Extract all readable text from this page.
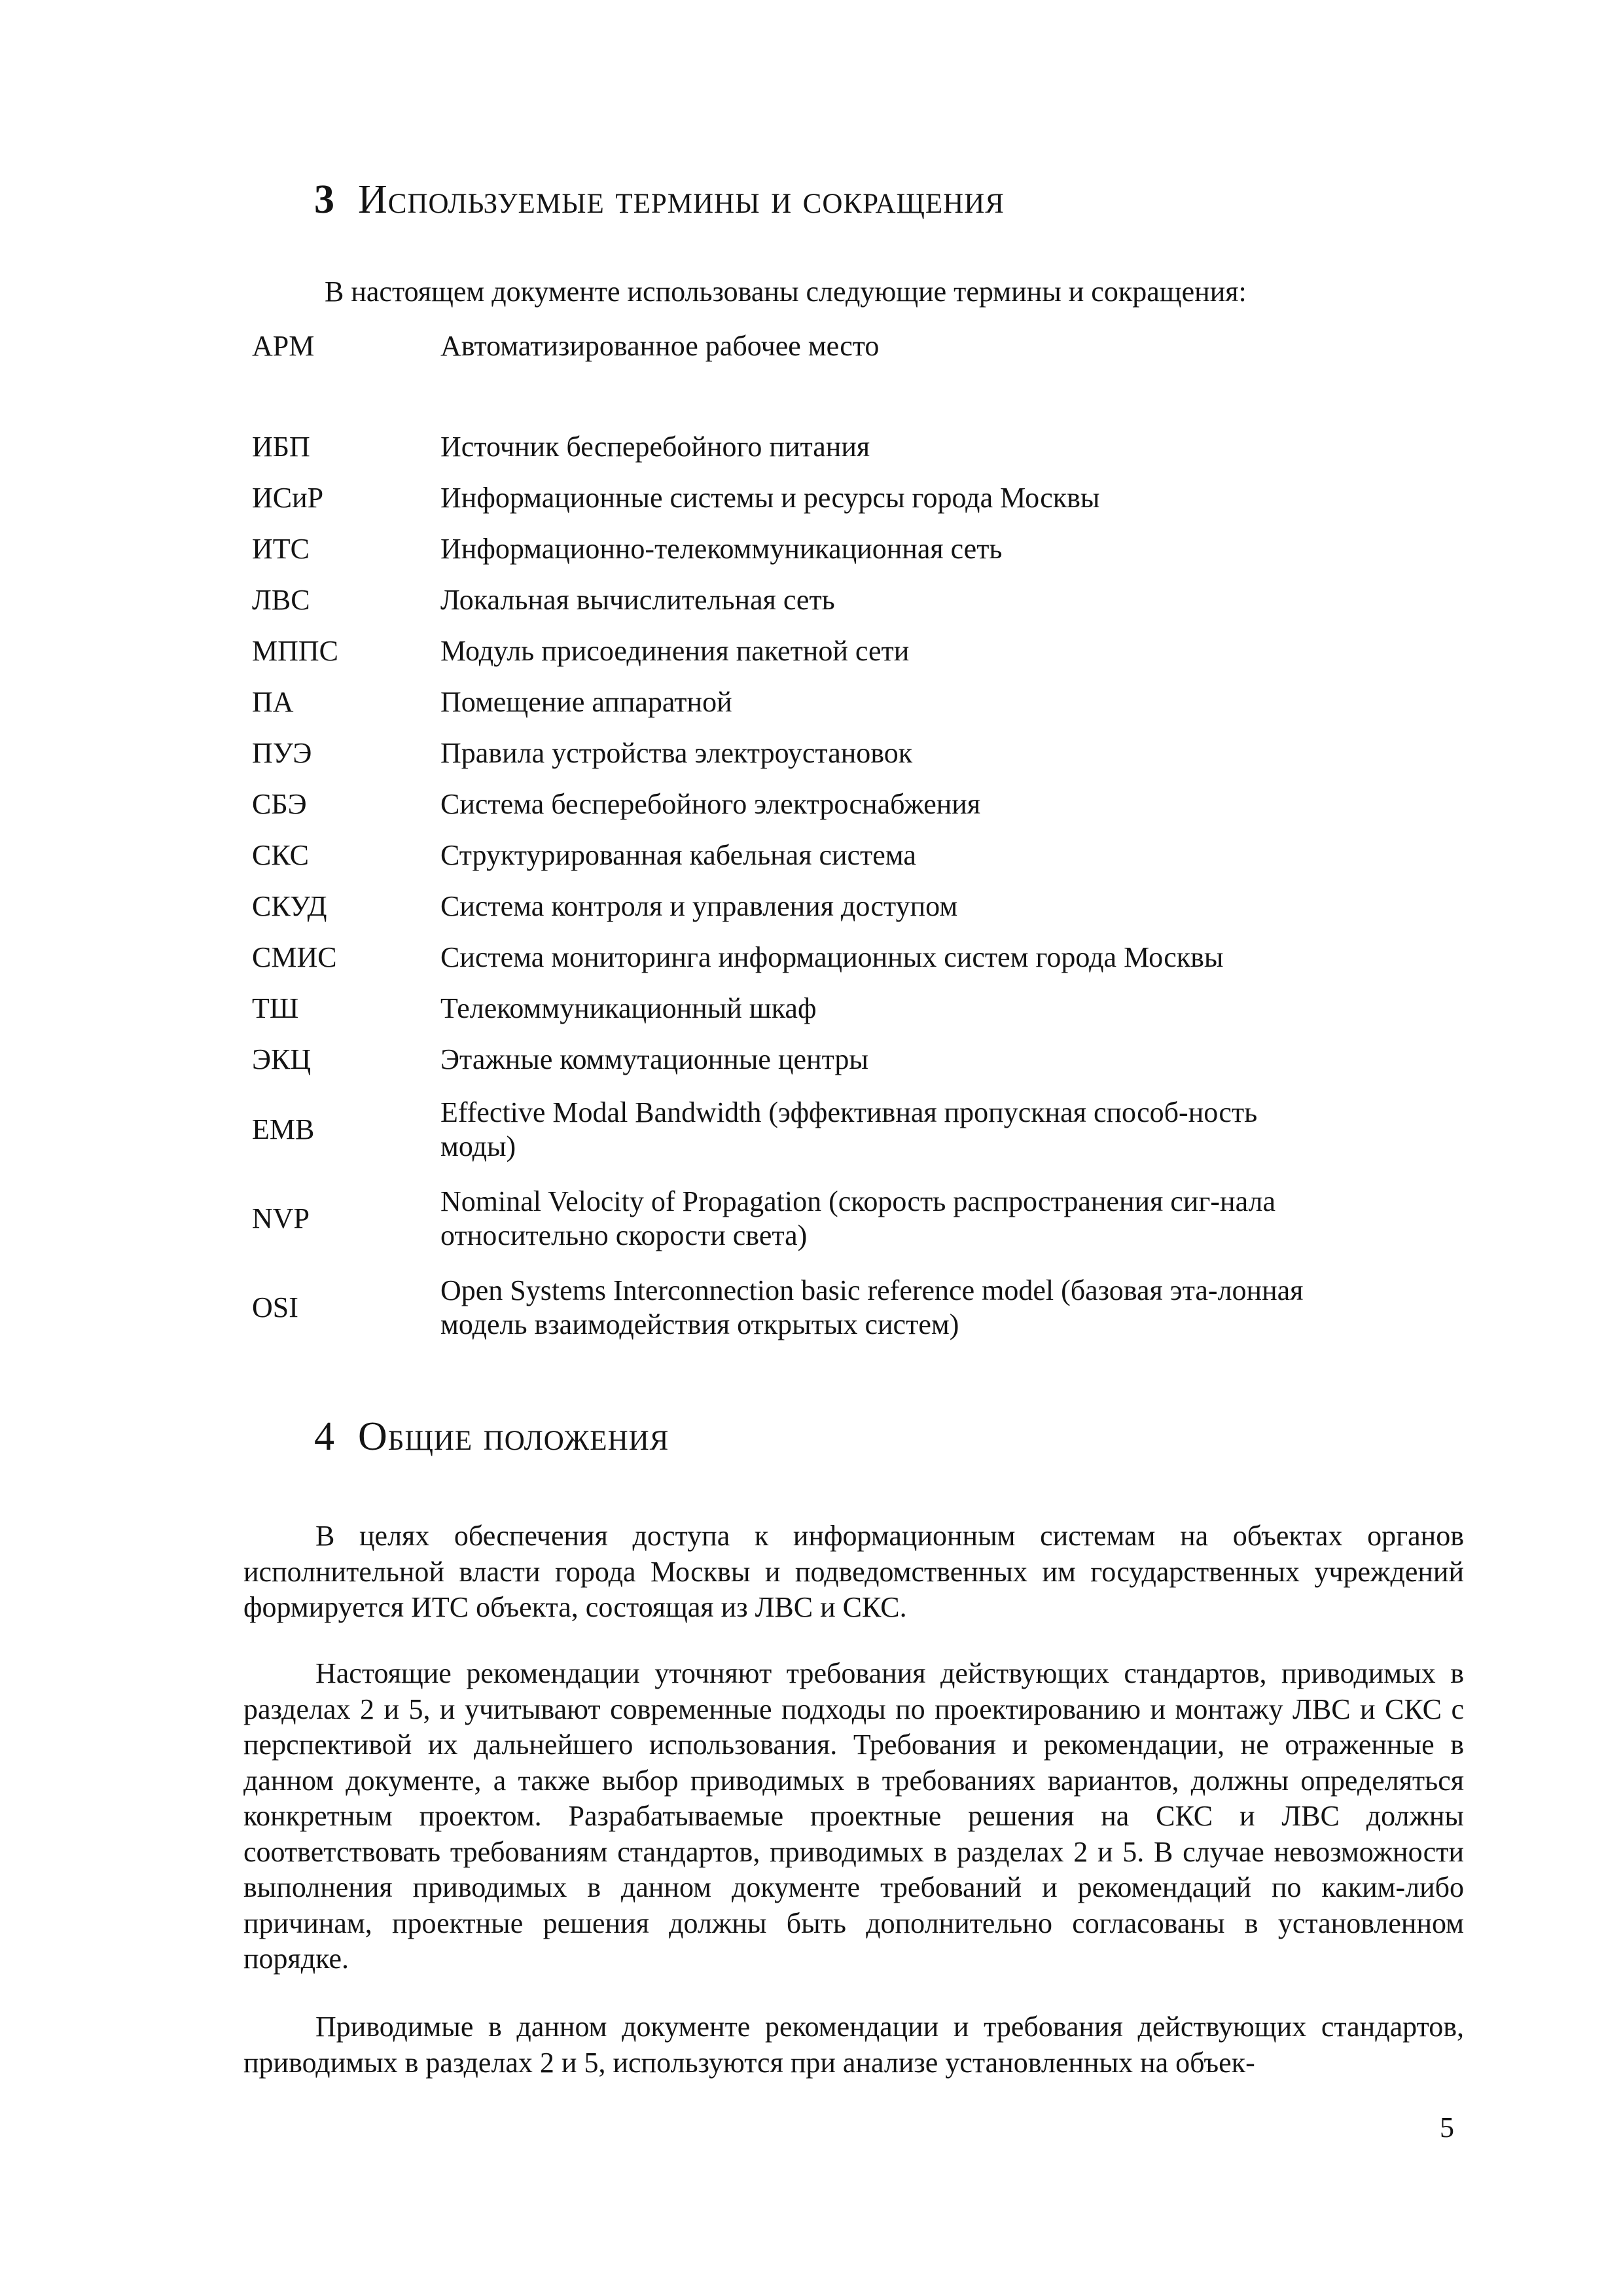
3 Используемые термины и сокращения

В настоящем документе использованы следующие термины и сокращения:

АРМ	Автоматизированное рабочее место

ИБП	Источник бесперебойного питания
ИСиР	Информационные системы и ресурсы города Москвы
ИТС	Информационно-телекоммуникационная сеть
ЛВС	Локальная вычислительная сеть
МППС	Модуль присоединения пакетной сети
ПА	Помещение аппаратной
ПУЭ	Правила устройства электроустановок
СБЭ	Система бесперебойного электроснабжения
СКС	Структурированная кабельная система
СКУД	Система контроля и управления доступом
СМИС	Система мониторинга информационных систем города Москвы
ТШ	Телекоммуникационный шкаф
ЭКЦ	Этажные коммутационные центры
EMB	Effective Modal Bandwidth (эффективная пропускная способ-ность моды)
NVP	Nominal Velocity of Propagation (скорость распространения сиг-нала относительно скорости света)
OSI	Open Systems Interconnection basic reference model (базовая эта-лонная модель взаимодействия открытых систем)
4 Общие положения

В целях обеспечения доступа к информационным системам на объектах органов исполнительной власти города Москвы и подведомственных им государственных учреждений формируется ИТС объекта, состоящая из ЛВС и СКС.

Настоящие рекомендации уточняют требования действующих стандартов, приводимых в разделах 2 и 5, и учитывают современные подходы по проектированию и монтажу ЛВС и СКС с перспективой их дальнейшего использования. Требования и рекомендации, не отраженные в данном документе, а также выбор приводимых в требованиях вариантов, должны определяться конкретным проектом. Разрабатываемые проектные решения на СКС и ЛВС должны соответствовать требованиям стандартов, приводимых в разделах 2 и 5. В случае невозможности выполнения приводимых в данном документе требований и рекомендаций по каким-либо причинам, проектные решения должны быть дополнительно согласованы в установленном порядке.

Приводимые в данном документе рекомендации и требования действующих стандартов, приводимых в разделах 2 и 5, используются при анализе установленных на объек-

5
